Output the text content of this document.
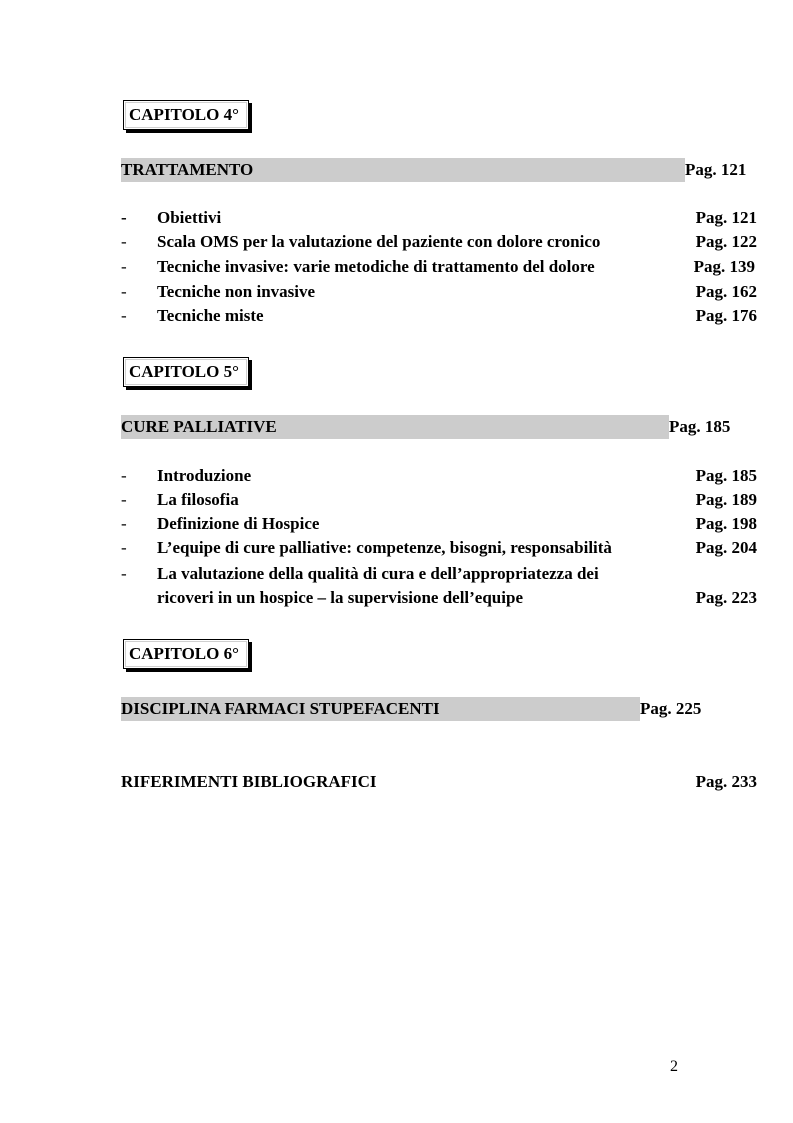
CAPITOLO 4°
TRATTAMENTO	Pag. 121
- Obiettivi	Pag. 121
- Scala OMS per la valutazione del paziente con dolore cronico	Pag. 122
- Tecniche invasive: varie metodiche di trattamento del dolore	Pag. 139
- Tecniche non invasive	Pag. 162
- Tecniche miste	Pag. 176
CAPITOLO 5°
CURE PALLIATIVE	Pag. 185
- Introduzione	Pag. 185
- La filosofia	Pag. 189
- Definizione di Hospice	Pag. 198
- L’equipe di cure palliative: competenze, bisogni, responsabilità	Pag. 204
- La valutazione della qualità di cura e dell’appropriatezza dei
ricoveri in un hospice – la supervisione dell’equipe	Pag. 223
CAPITOLO 6°
DISCIPLINA FARMACI STUPEFACENTI	Pag. 225
RIFERIMENTI BIBLIOGRAFICI	Pag. 233
2
